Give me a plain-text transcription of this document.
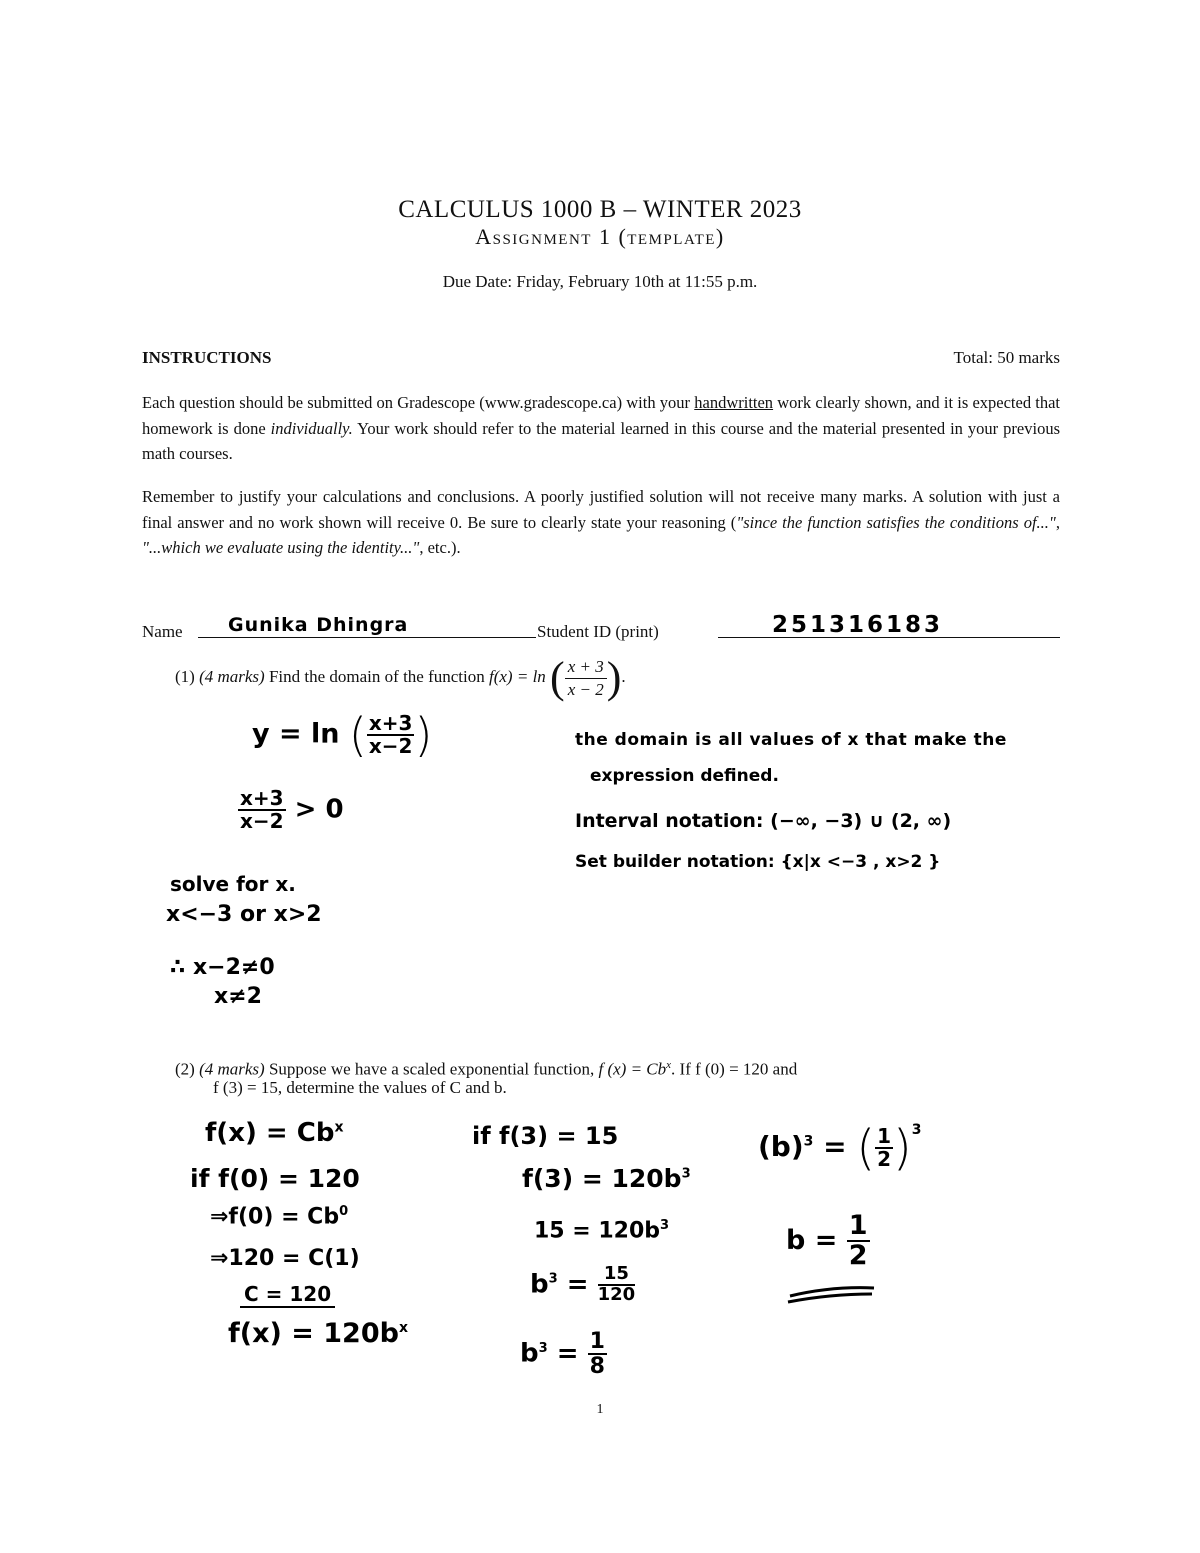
CALCULUS 1000 B – WINTER 2023
Assignment 1 (template)
Due Date: Friday, February 10th at 11:55 p.m.
INSTRUCTIONS	Total: 50 marks
Each question should be submitted on Gradescope (www.gradescope.ca) with your handwritten work clearly shown, and it is expected that homework is done individually. Your work should refer to the material learned in this course and the material presented in your previous math courses.
Remember to justify your calculations and conclusions. A poorly justified solution will not receive many marks. A solution with just a final answer and no work shown will receive 0. Be sure to clearly state your reasoning ("since the function satisfies the conditions of...", "...which we evaluate using the identity...", etc.).
Name Gunika Dhingra	Student ID (print)	251316183
(1) (4 marks) Find the domain of the function f(x) = ln ( $\frac{x + 3}{x - 2}$ ).
y = ln ( $\frac{x+3}{x-2}$ )
$\frac{x+3}{x-2} > 0$
solve for x.
x<−3 or x>2
∴ x−2≠0
x≠2
the domain is all values of x that make the
expression defined.
Interval notation: (−∞, −3) ∪ (2, ∞)
Set builder notation: {x|x <−3 , x>2 }
(2) (4 marks) Suppose we have a scaled exponential function, f $(x) = Cb^x$. If f (0) = 120 and
f (3) = 15, determine the values of C and b.
$f(x) = Cb^x$
if f(0) = 120
⇒f(0) = $Cb^0$
⇒120 = C(1)
C = 120
$f(x) = 120b^x$
if f(3) = 15
$f(3) = 120b^3$
$15 = 120b^3$
$b^3 = \frac{15}{120}$
$b^3 = \frac{1}{8}$
$(b)^3$ = ( $\frac{1}{2} )^3$
$b = \frac{1}{2}$
1
